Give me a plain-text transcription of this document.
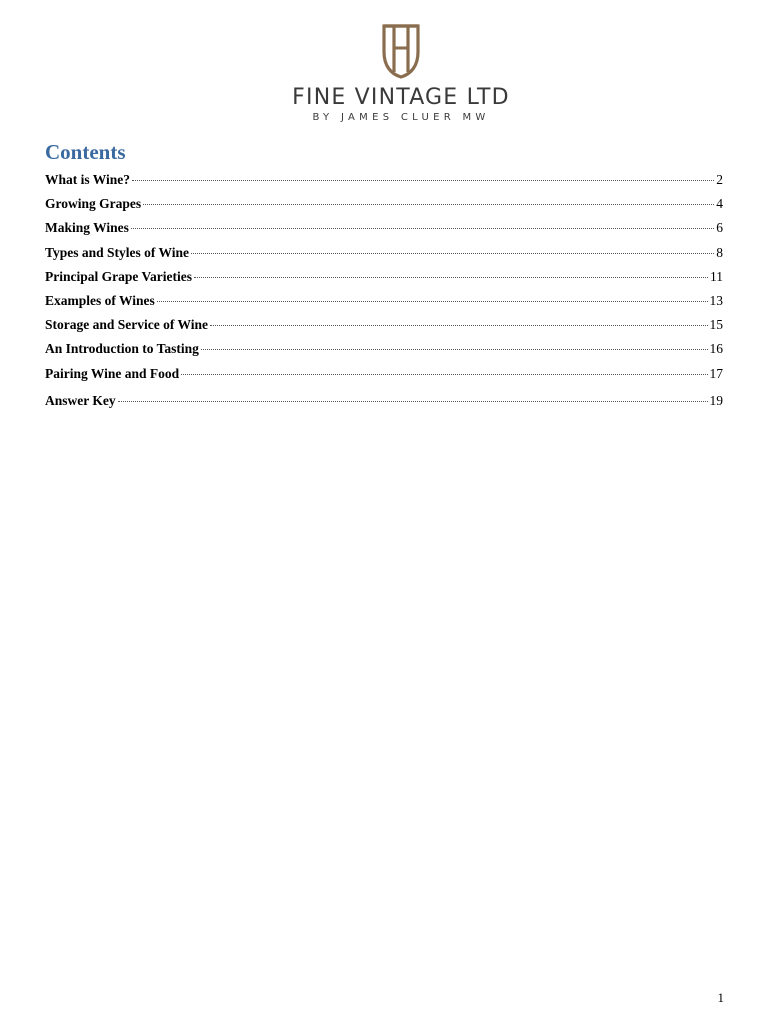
FINE VINTAGE LTD
BY JAMES CLUER MW
Contents
What is Wine?	2
Growing Grapes	4
Making Wines	6
Types and Styles of Wine	8
Principal Grape Varieties	11
Examples of Wines	13
Storage and Service of Wine	15
An Introduction to Tasting	16
Pairing Wine and Food	17
Answer Key	19
1
